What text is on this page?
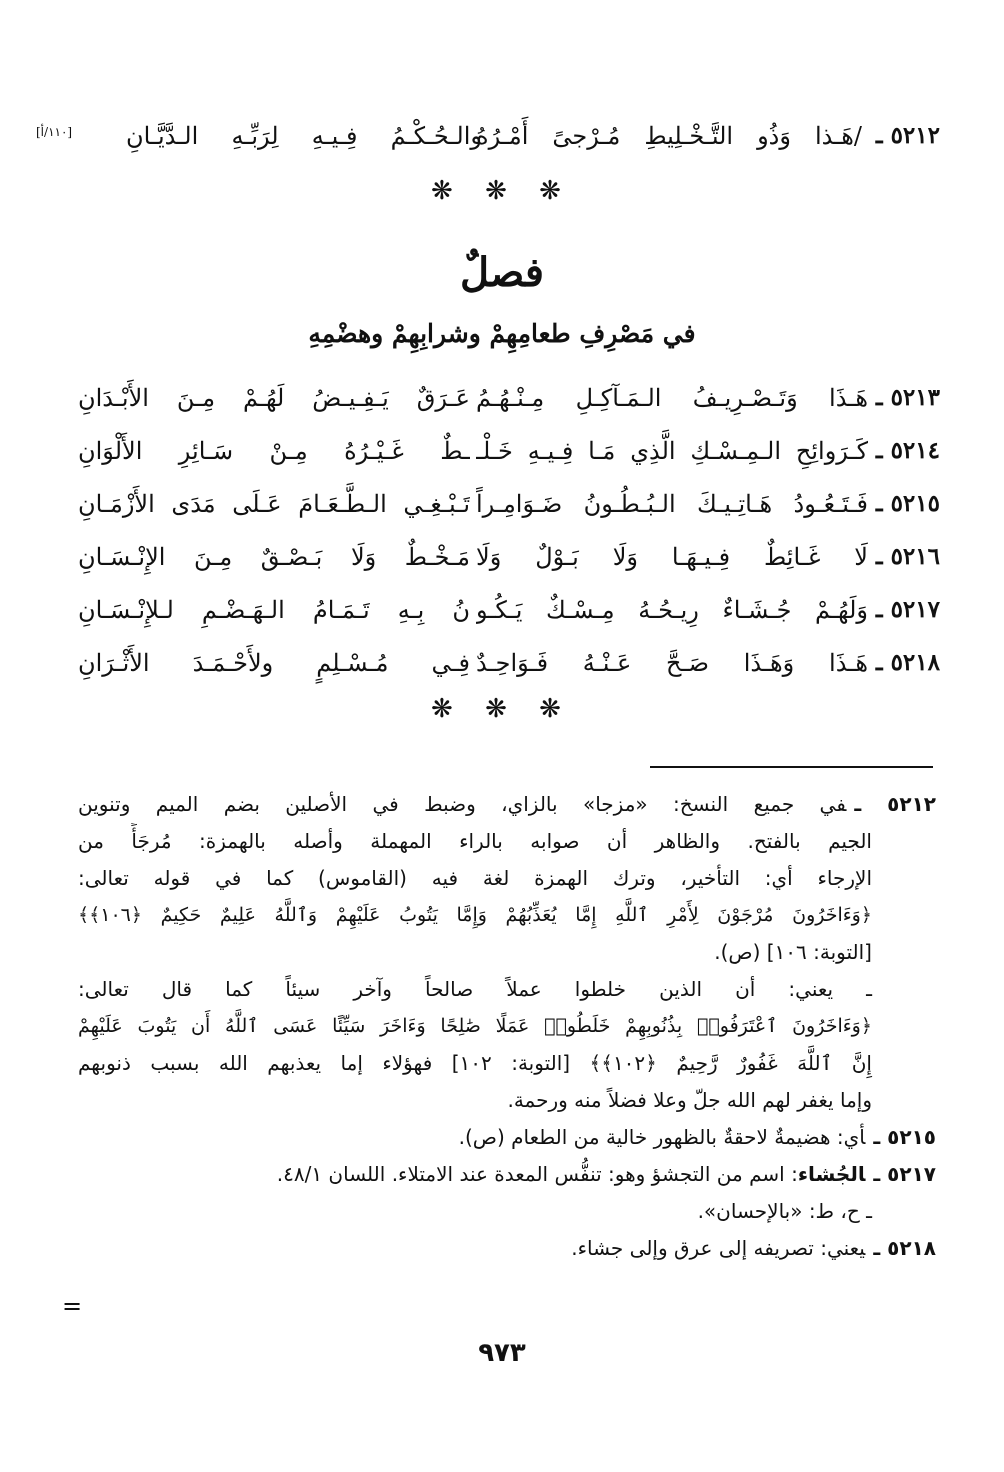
٥٢١٢ ـ
/هَـذا وَذُو التَّـخْـلِيطِ مُـرْجىً أَمْـرُهُ
والـحُـكْـمُ فِـيـهِ لِرَبِّـهِ الـدَّيَّـانِ
[١١٠/أ]
❋ ❋ ❋
فصلٌ
في مَصْرِفِ طعامِهِمْ وشرابِهِمْ وهضْمِهِ
٥٢١٣ ـ
هَـذَا وَتَـصْـرِيـفُ الـمَـآكِـلِ مِـنْـهُـمُ
عَـرَقٌ يَـفِـيـضُ لَهُـمْ مِـنَ الأَبْـدَانِ
٥٢١٤ ـ
كَـرَوائِحِ الـمِـسْـكِ الَّذِي مَـا فِـيـهِ خَـلْـ
ـطٌ غَـيْـرُهُ مِـنْ سَـائِرِ الأَلْوَانِ
٥٢١٥ ـ
فَـتَـعُـودُ هَـاتِـيـكَ الـبُـطُـونُ ضَـوَامِـراً
تَـبْـغِـي الـطَّـعَـامَ عَـلَى مَدَى الأَزْمَـانِ
٥٢١٦ ـ
لَا غَـائِطٌ فِـيـهَـا وَلَا بَـوْلٌ وَلَا
مَـخْـطٌ وَلَا بَـصْـقٌ مِـنَ الإِنْـسَـانِ
٥٢١٧ ـ
وَلَهُـمْ جُـشَـاءٌ رِيـحُـهُ مِـسْـكٌ يَـكُـو
نُ بِـهِ تَـمَـامُ الـهَـضْـمِ لـلإِنْـسَـانِ
٥٢١٨ ـ
هَـذَا وَهَـذَا صَـحَّ عَـنْـهُ فَـوَاحِـدٌ
فِـي مُـسْـلِمٍ ولأَحْـمَـدَ الأَثْـرَانِ
❋ ❋ ❋
٥٢١٢ ـفي جميع النسخ: «مزجا» بالزاي، وضبط في الأصلين بضم الميم وتنوين
الجيم بالفتح. والظاهر أن صوابه بالراء المهملة وأصله بالهمزة: مُرجَأً من
الإرجاء أي: التأخير، وترك الهمزة لغة فيه (القاموس) كما في قوله تعالى:
﴿وَءَاخَرُونَ مُرْجَوْنَ لِأَمْرِ ٱللَّهِ إِمَّا يُعَذِّبُهُمْ وَإِمَّا يَتُوبُ عَلَيْهِمْ وَٱللَّهُ عَلِيمٌ حَكِيمٌ ﴿١٠٦﴾﴾
[التوبة: ١٠٦] (ص).
ـ يعني: أن الذين خلطوا عملاً صالحاً وآخر سيئاً كما قال تعالى:
﴿وَءَاخَرُونَ ٱعْتَرَفُوا۟ بِذُنُوبِهِمْ خَلَطُوا۟ عَمَلًا صَٰلِحًا وَءَاخَرَ سَيِّئًا عَسَى ٱللَّهُ أَن يَتُوبَ عَلَيْهِمْ
إِنَّ ٱللَّهَ غَفُورٌ رَّحِيمٌ ﴿١٠٢﴾﴾ [التوبة: ١٠٢] فهؤلاء إما يعذبهم الله بسبب ذنوبهم
وإما يغفر لهم الله جلّ وعلا فضلاً منه ورحمة.
٥٢١٥ ـأي: هضيمةٌ لاحقةٌ بالظهور خالية من الطعام (ص).
٥٢١٧ ـالجُشاء: اسم من التجشؤ وهو: تنفُّس المعدة عند الامتلاء. اللسان ٤٨/١.
ـ ح، ط: «بالإحسان».
٥٢١٨ ـيعني: تصريفه إلى عرق وإلى جشاء.
=
٩٧٣
